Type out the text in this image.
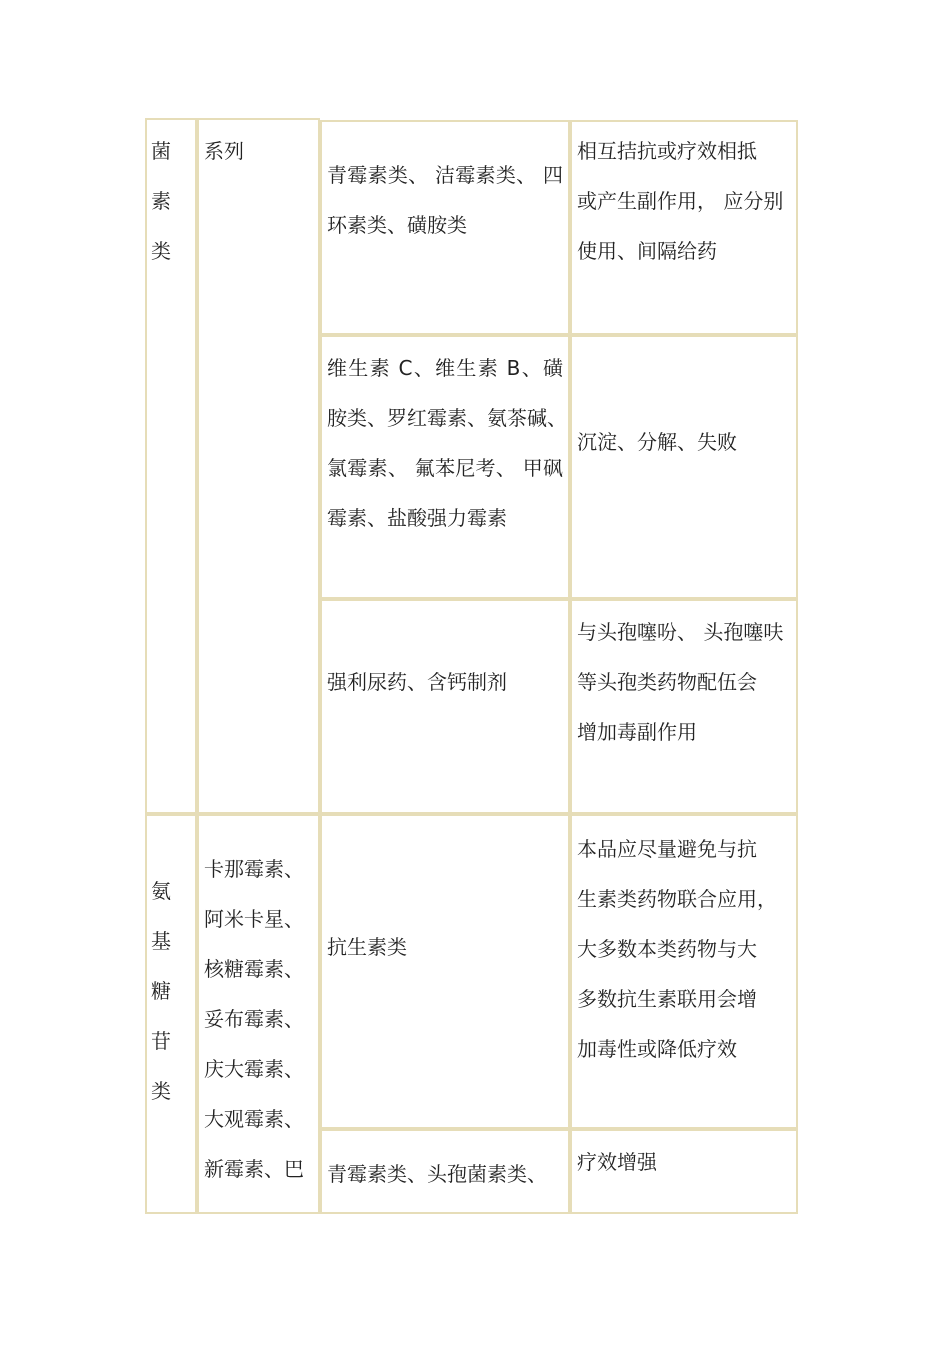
菌
素
类
氨
基
糖
苷
类
系列
卡那霉素、
阿米卡星、
核糖霉素、
妥布霉素、
庆大霉素、
大观霉素、
新霉素、巴
青霉素类、 洁霉素类、 四
环素类、磺胺类
相互拮抗或疗效相抵
或产生副作用， 应分别
使用、间隔给药
维生素 C、维生素 B、磺
胺类、罗红霉素、氨茶碱、
氯霉素、 氟苯尼考、 甲砜
霉素、盐酸强力霉素
沉淀、分解、失败
强利尿药、含钙制剂
与头孢噻吩、 头孢噻呋
等头孢类药物配伍会
增加毒副作用
抗生素类
本品应尽量避免与抗
生素类药物联合应用，
大多数本类药物与大
多数抗生素联用会增
加毒性或降低疗效
青霉素类、头孢菌素类、 疗效增强
